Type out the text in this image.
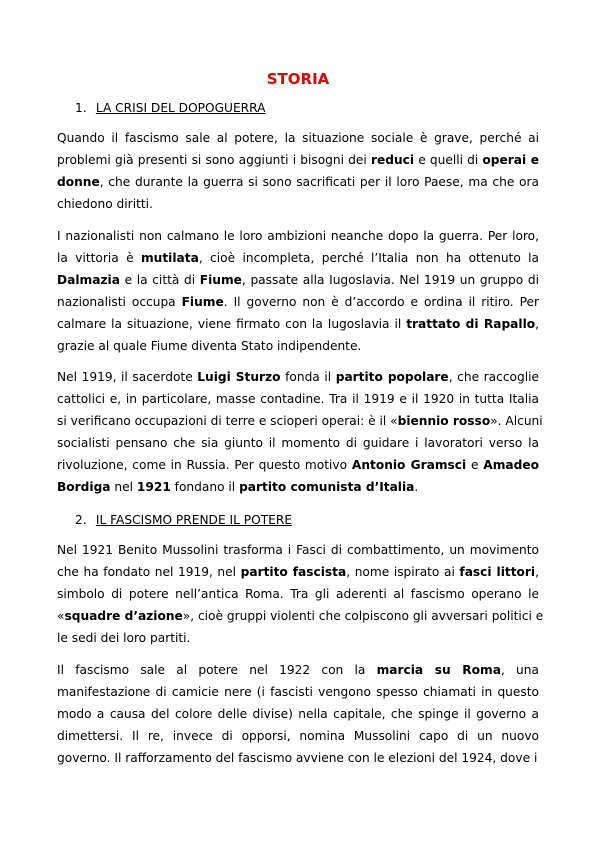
STORIA
1. LA CRISI DEL DOPOGUERRA
Quando il fascismo sale al potere, la situazione sociale è grave, perché ai
problemi già presenti si sono aggiunti i bisogni dei reduci e quelli di operai e
donne, che durante la guerra si sono sacrificati per il loro Paese, ma che ora
chiedono diritti.
I nazionalisti non calmano le loro ambizioni neanche dopo la guerra. Per loro,
la vittoria è mutilata, cioè incompleta, perché l’Italia non ha ottenuto la
Dalmazia e la città di Fiume, passate alla Iugoslavia. Nel 1919 un gruppo di
nazionalisti occupa Fiume. Il governo non è d’accordo e ordina il ritiro. Per
calmare la situazione, viene firmato con la Iugoslavia il trattato di Rapallo,
grazie al quale Fiume diventa Stato indipendente.
Nel 1919, il sacerdote Luigi Sturzo fonda il partito popolare, che raccoglie
cattolici e, in particolare, masse contadine. Tra il 1919 e il 1920 in tutta Italia
si verificano occupazioni di terre e scioperi operai: è il «biennio rosso». Alcuni
socialisti pensano che sia giunto il momento di guidare i lavoratori verso la
rivoluzione, come in Russia. Per questo motivo Antonio Gramsci e Amadeo
Bordiga nel 1921 fondano il partito comunista d’Italia.
2. IL FASCISMO PRENDE IL POTERE
Nel 1921 Benito Mussolini trasforma i Fasci di combattimento, un movimento
che ha fondato nel 1919, nel partito fascista, nome ispirato ai fasci littori,
simbolo di potere nell’antica Roma. Tra gli aderenti al fascismo operano le
«squadre d’azione», cioè gruppi violenti che colpiscono gli avversari politici e
le sedi dei loro partiti.
Il fascismo sale al potere nel 1922 con la marcia su Roma, una
manifestazione di camicie nere (i fascisti vengono spesso chiamati in questo
modo a causa del colore delle divise) nella capitale, che spinge il governo a
dimettersi. Il re, invece di opporsi, nomina Mussolini capo di un nuovo
governo. Il rafforzamento del fascismo avviene con le elezioni del 1924, dove i
